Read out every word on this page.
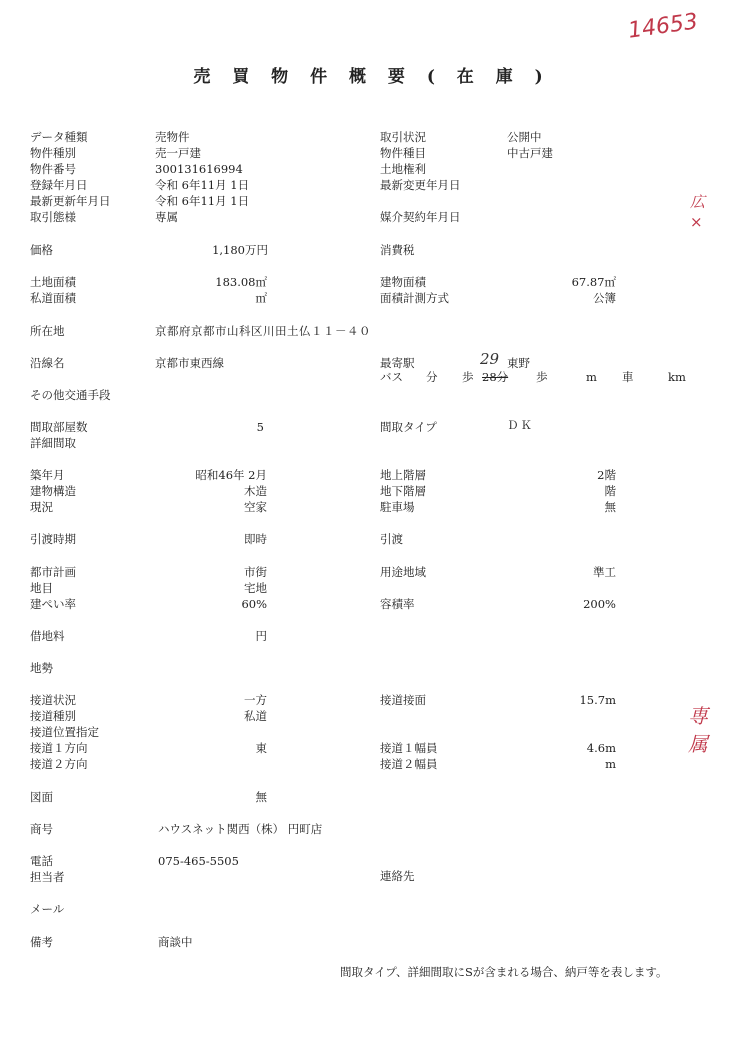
売 買 物 件 概 要 ( 在 庫 )
14653
広 ×
専 属
データ種類
物件種別
物件番号
登録年月日
最新更新年月日
取引態様
価格
土地面積
私道面積
所在地
沿線名
その他交通手段
間取部屋数
詳細間取
築年月
建物構造
現況
引渡時期
都市計画
地目
建ぺい率
借地料
地勢
接道状況
接道種別
接道位置指定
接道１方向
接道２方向
図面
商号
電話
担当者
メール
備考
売物件
売一戸建
300131616994
令和 6年11月 1日
令和 6年11月 1日
専属
京都府京都市山科区川田土仏１１－４０
京都市東西線
ハウスネット関西（株） 円町店
075-465-5505
商談中
1,180万円
183.08㎡
㎡
5
昭和46年 2月
木造
空家
即時
市街
宅地
60%
円
一方
私道
東
無
取引状況
物件種目
土地権利
最新変更年月日
媒介契約年月日
消費税
建物面積
面積計測方式
最寄駅
バス
間取タイプ
地上階層
地下階層
駐車場
引渡
用途地域
容積率
接道接面
接道１幅員
接道２幅員
連絡先
公開中
中古戸建
ＤＫ
67.87㎡
公簿
2階
階
無
準工
200%
15.7m
4.6m
m
29 東野
分 歩 28分 歩	m 車	km
間取タイプ、詳細間取にSが含まれる場合、納戸等を表します。
